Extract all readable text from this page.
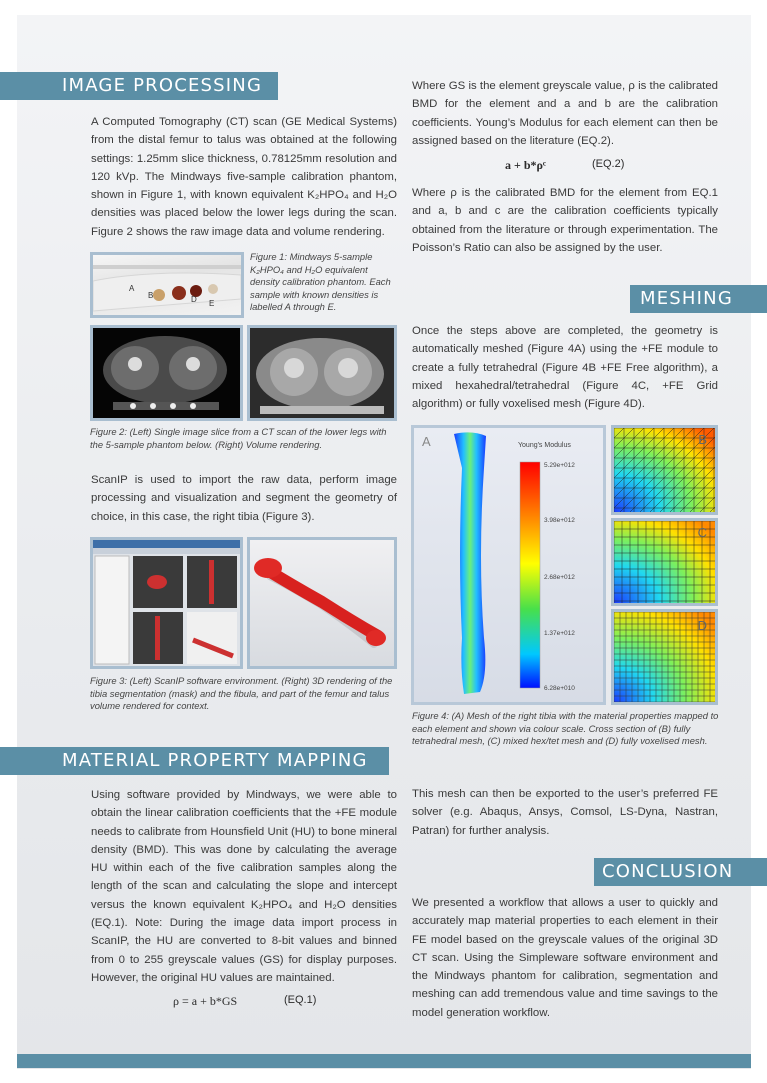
IMAGE PROCESSING
A Computed Tomography (CT) scan (GE Medical Systems) from the distal femur to talus was obtained at the following settings: 1.25mm slice thickness, 0.78125mm resolution and 120 kVp. The Mindways five-sample calibration phantom, shown in Figure 1, with known equivalent K₂HPO₄ and H₂O densities was placed below the lower legs during the scan. Figure 2 shows the raw image data and volume rendering.
A
B	D E
Figure 1: Mindways 5-sample K₂HPO₄ and H₂O equivalent density calibration phantom. Each sample with known densities is labelled A through E.
Figure 2: (Left) Single image slice from a CT scan of the lower legs with the 5-sample phantom below. (Right) Volume rendering.
ScanIP is used to import the raw data, perform image processing and visualization and segment the geometry of choice, in this case, the right tibia (Figure 3).
Figure 3: (Left) ScanIP software environment. (Right) 3D rendering of the tibia segmentation (mask) and the fibula, and part of the femur and talus volume rendered for context.
MATERIAL PROPERTY MAPPING
Using software provided by Mindways, we were able to obtain the linear calibration coefficients that the +FE module needs to calibrate from Hounsfield Unit (HU) to bone mineral density (BMD). This was done by calculating the average HU within each of the five calibration samples along the length of the scan and calculating the slope and intercept versus the known equivalent K₂HPO₄ and H₂O densities (EQ.1). Note: During the image data import process in ScanIP, the HU are converted to 8-bit values and binned from 0 to 255 greyscale values (GS) for display purposes. However, the original HU values are maintained.
ρ = a + b*GS	(EQ.1)
Where GS is the element greyscale value, ρ is the calibrated BMD for the element and a and b are the calibration coefficients. Young’s Modulus for each element can then be assigned based on the literature (EQ.2).
a + b*ρᶜ	(EQ.2)
Where ρ is the calibrated BMD for the element from EQ.1 and a, b and c are the calibration coefficients typically obtained from the literature or through experimentation. The Poisson’s Ratio can also be assigned by the user.
MESHING
Once the steps above are completed, the geometry is automatically meshed (Figure 4A) using the +FE module to create a fully tetrahedral (Figure 4B +FE Free algorithm), a mixed hexahedral/tetrahedral (Figure 4C, +FE Grid algorithm) or fully voxelised mesh (Figure 4D).
A	Young's Modulus
5.29e+012
3.98e+012
2.68e+012
1.37e+012
6.28e+010
B
C
D
Figure 4: (A) Mesh of the right tibia with the material properties mapped to each element and shown via colour scale. Cross section of (B) fully tetrahedral mesh, (C) mixed hex/tet mesh and (D) fully voxelised mesh.
This mesh can then be exported to the user’s preferred FE solver (e.g. Abaqus, Ansys, Comsol, LS-Dyna, Nastran, Patran) for further analysis.
CONCLUSION
We presented a workflow that allows a user to quickly and accurately map material properties to each element in their FE model based on the greyscale values of the original 3D CT scan. Using the Simpleware software environment and the Mindways phantom for calibration, segmentation and meshing can add tremendous value and time savings to the model generation workflow.
